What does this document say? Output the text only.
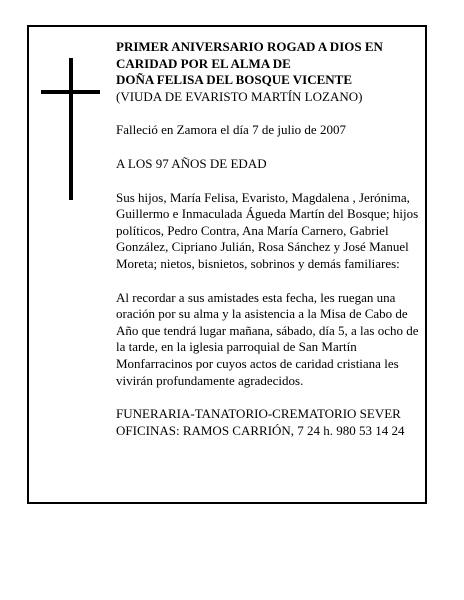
PRIMER ANIVERSARIO ROGAD A DIOS EN
CARIDAD POR EL ALMA DE
DOÑA FELISA DEL BOSQUE VICENTE
(VIUDA DE EVARISTO MARTÍN LOZANO)

Falleció en Zamora el día 7 de julio de 2007

A LOS 97 AÑOS DE EDAD

Sus hijos, María Felisa, Evaristo, Magdalena , Jerónima, Guillermo e Inmaculada Águeda Martín del Bosque; hijos políticos, Pedro Contra, Ana María Carnero, Gabriel González, Cipriano Julián, Rosa Sánchez y José Manuel Moreta; nietos, bisnietos, sobrinos y demás familiares:

Al recordar a sus amistades esta fecha, les ruegan una oración por su alma y la asistencia a la Misa de Cabo de Año que tendrá lugar mañana, sábado, día 5, a las ocho de la tarde, en la iglesia parroquial de San Martín Monfarracinos por cuyos actos de caridad cristiana les vivirán profundamente agradecidos.

FUNERARIA-TANATORIO-CREMATORIO SEVER
OFICINAS: RAMOS CARRIÓN, 7 24 h. 980 53 14 24
